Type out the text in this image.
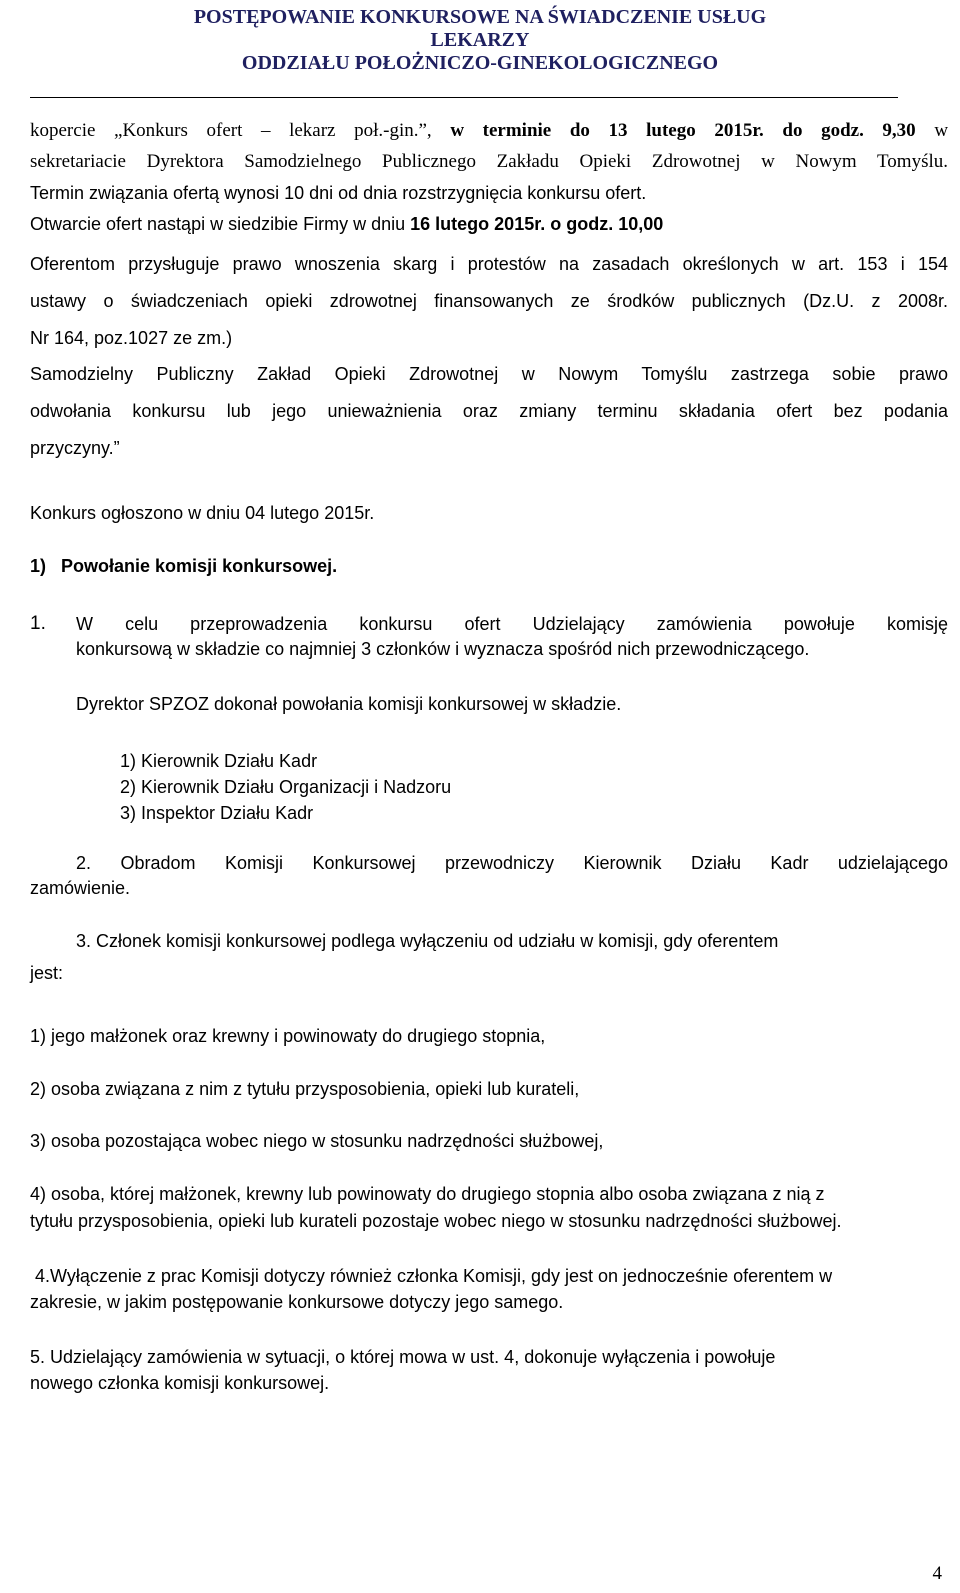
POSTĘPOWANIE KONKURSOWE NA ŚWIADCZENIE USŁUG
LEKARZY
ODDZIAŁU POŁOŻNICZO-GINEKOLOGICZNEGO
kopercie „Konkurs ofert – lekarz poł.-gin.”, w terminie do 13 lutego 2015r. do godz. 9,30 w
sekretariacie Dyrektora Samodzielnego Publicznego Zakładu Opieki Zdrowotnej w Nowym Tomyślu.
Termin związania ofertą wynosi 10 dni od dnia rozstrzygnięcia konkursu ofert.
Otwarcie ofert nastąpi w siedzibie Firmy w dniu 16 lutego 2015r. o godz. 10,00
Oferentom przysługuje prawo wnoszenia skarg i protestów na zasadach określonych w art. 153 i 154
ustawy o świadczeniach opieki zdrowotnej finansowanych ze środków publicznych (Dz.U. z 2008r.
Nr 164, poz.1027 ze zm.)
Samodzielny Publiczny Zakład Opieki Zdrowotnej w Nowym Tomyślu zastrzega sobie prawo
odwołania konkursu lub jego unieważnienia oraz zmiany terminu składania ofert bez podania
przyczyny.”
Konkurs ogłoszono w dniu 04 lutego 2015r.
1) Powołanie komisji konkursowej.
1. W celu przeprowadzenia konkursu ofert Udzielający zamówienia powołuje komisję
konkursową w składzie co najmniej 3 członków i wyznacza spośród nich przewodniczącego.
Dyrektor SPZOZ dokonał powołania komisji konkursowej w składzie.
1) Kierownik Działu Kadr
2) Kierownik Działu Organizacji i Nadzoru
3) Inspektor Działu Kadr
2. Obradom Komisji Konkursowej przewodniczy Kierownik Działu Kadr udzielającego
zamówienie.
3. Członek komisji konkursowej podlega wyłączeniu od udziału w komisji, gdy oferentem
jest:
1) jego małżonek oraz krewny i powinowaty do drugiego stopnia,
2) osoba związana z nim z tytułu przysposobienia, opieki lub kurateli,
3) osoba pozostająca wobec niego w stosunku nadrzędności służbowej,
4) osoba, której małżonek, krewny lub powinowaty do drugiego stopnia albo osoba związana z nią z
tytułu przysposobienia, opieki lub kurateli pozostaje wobec niego w stosunku nadrzędności służbowej.
4.Wyłączenie z prac Komisji dotyczy również członka Komisji, gdy jest on jednocześnie oferentem w
zakresie, w jakim postępowanie konkursowe dotyczy jego samego.
5. Udzielający zamówienia w sytuacji, o której mowa w ust. 4, dokonuje wyłączenia i powołuje
nowego członka komisji konkursowej.
4
